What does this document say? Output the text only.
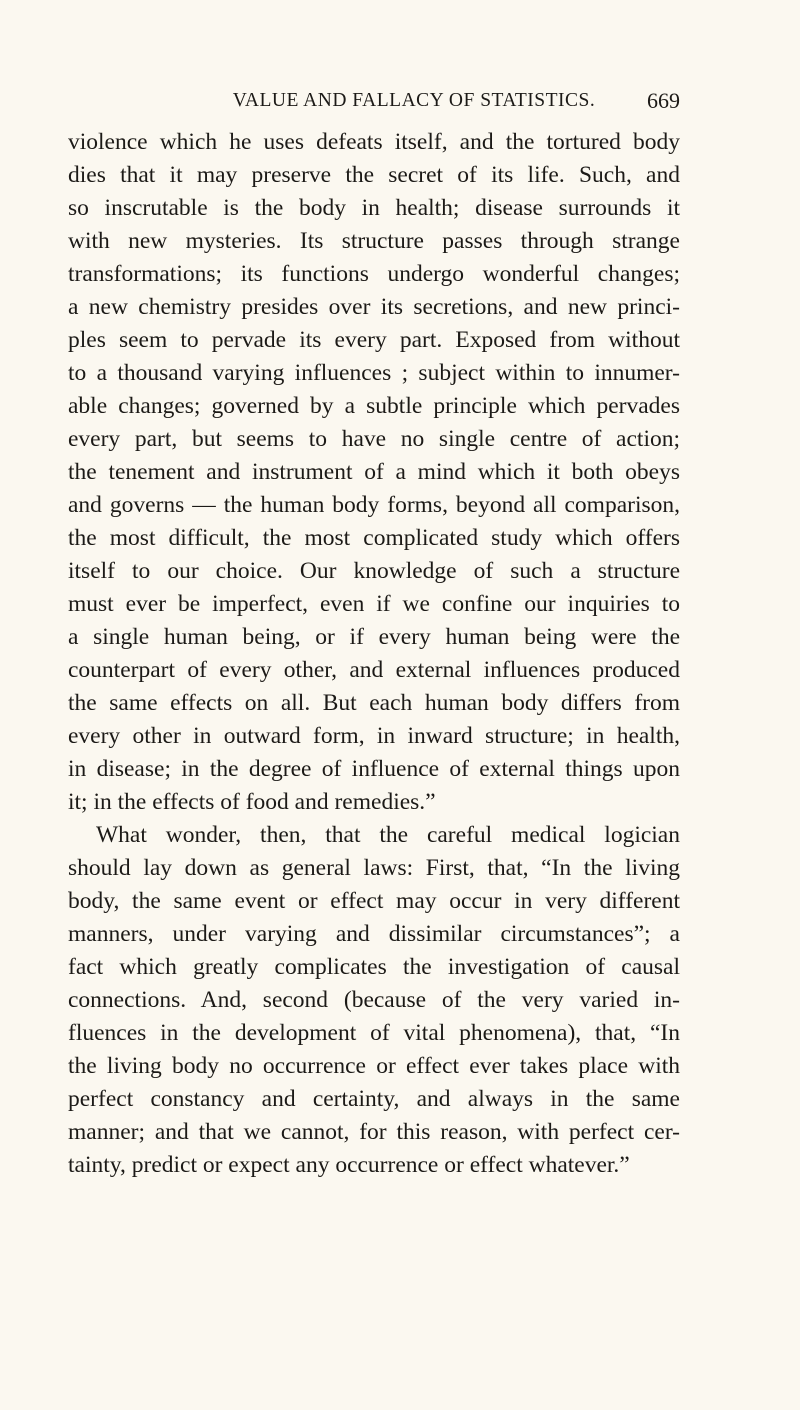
VALUE AND FALLACY OF STATISTICS.	669
violence which he uses defeats itself, and the tortured body
dies that it may preserve the secret of its life. Such, and
so inscrutable is the body in health; disease surrounds it
with new mysteries. Its structure passes through strange
transformations; its functions undergo wonderful changes;
a new chemistry presides over its secretions, and new princi-
ples seem to pervade its every part. Exposed from without
to a thousand varying influences ; subject within to innumer-
able changes; governed by a subtle principle which pervades
every part, but seems to have no single centre of action;
the tenement and instrument of a mind which it both obeys
and governs — the human body forms, beyond all comparison,
the most difficult, the most complicated study which offers
itself to our choice. Our knowledge of such a structure
must ever be imperfect, even if we confine our inquiries to
a single human being, or if every human being were the
counterpart of every other, and external influences produced
the same effects on all. But each human body differs from
every other in outward form, in inward structure; in health,
in disease; in the degree of influence of external things upon
it; in the effects of food and remedies.”
What wonder, then, that the careful medical logician
should lay down as general laws: First, that, “In the living
body, the same event or effect may occur in very different
manners, under varying and dissimilar circumstances”; a
fact which greatly complicates the investigation of causal
connections. And, second (because of the very varied in-
fluences in the development of vital phenomena), that, “In
the living body no occurrence or effect ever takes place with
perfect constancy and certainty, and always in the same
manner; and that we cannot, for this reason, with perfect cer-
tainty, predict or expect any occurrence or effect whatever.”
